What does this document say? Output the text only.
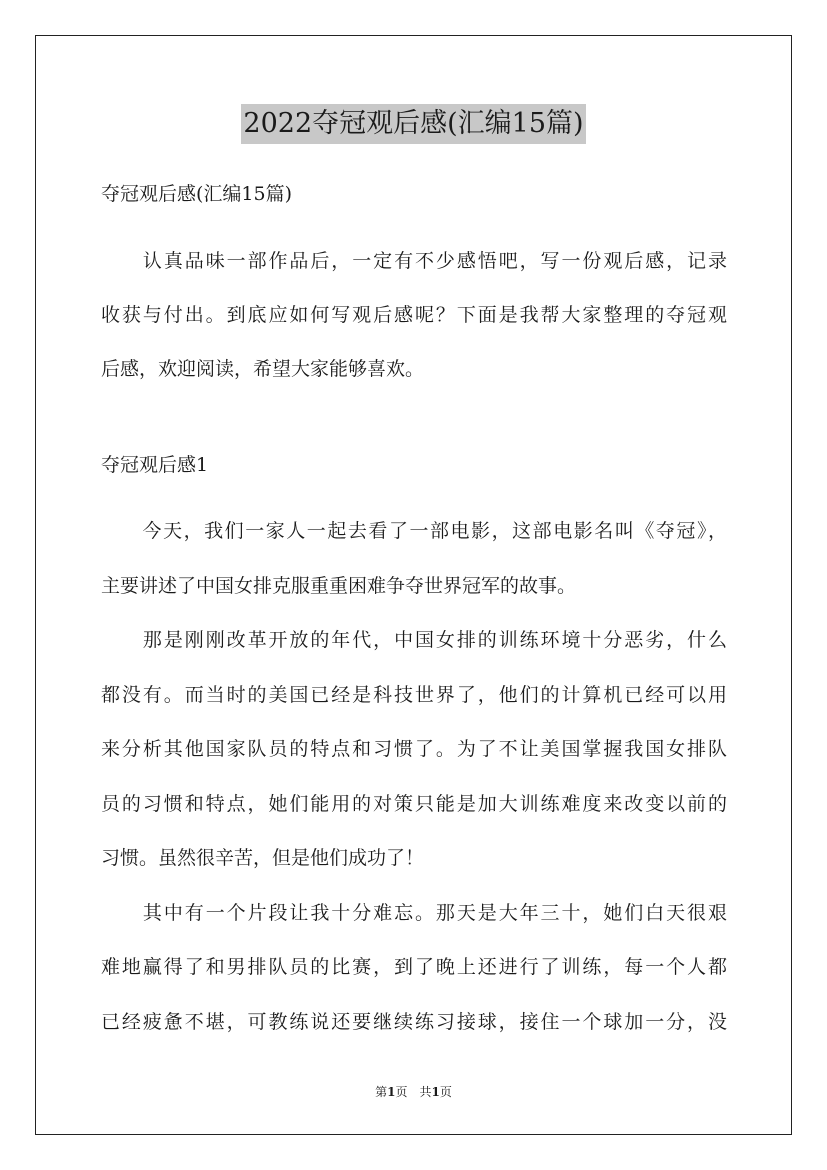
2022夺冠观后感(汇编15篇)

夺冠观后感(汇编15篇)

认真品味一部作品后，一定有不少感悟吧，写一份观后感，记录
收获与付出。到底应如何写观后感呢？下面是我帮大家整理的夺冠观
后感，欢迎阅读，希望大家能够喜欢。

夺冠观后感1

今天，我们一家人一起去看了一部电影，这部电影名叫《夺冠》，
主要讲述了中国女排克服重重困难争夺世界冠军的故事。
那是刚刚改革开放的年代，中国女排的训练环境十分恶劣，什么
都没有。而当时的美国已经是科技世界了，他们的计算机已经可以用
来分析其他国家队员的特点和习惯了。为了不让美国掌握我国女排队
员的习惯和特点，她们能用的对策只能是加大训练难度来改变以前的
习惯。虽然很辛苦，但是他们成功了！
其中有一个片段让我十分难忘。那天是大年三十，她们白天很艰
难地赢得了和男排队员的比赛，到了晚上还进行了训练，每一个人都
已经疲惫不堪，可教练说还要继续练习接球，接住一个球加一分，没
第1页　共1页
